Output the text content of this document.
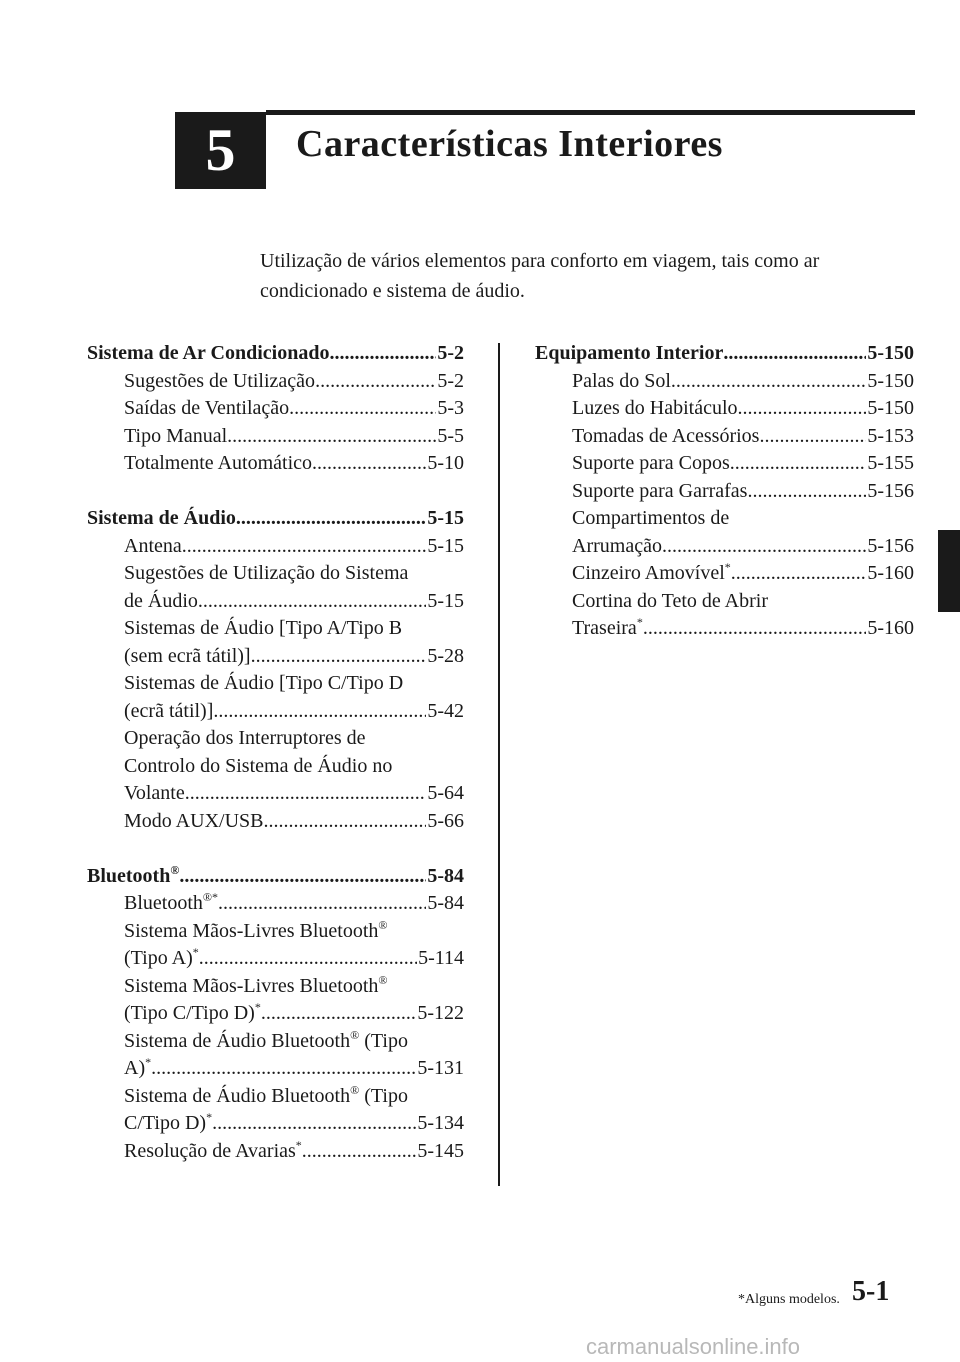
5 Características Interiores
Utilização de vários elementos para conforto em viagem, tais como ar condicionado e sistema de áudio.
Sistema de Ar Condicionado .....	5-2
Sugestões de Utilização .....	5-2
Saídas de Ventilação .....	5-3
Tipo Manual .....	5-5
Totalmente Automático .....	5-10
Sistema de Áudio .....	5-15
Antena .....	5-15
Sugestões de Utilização do Sistema
de Áudio .....	5-15
Sistemas de Áudio [Tipo A/Tipo B
(sem ecrã tátil)] .....	5-28
Sistemas de Áudio [Tipo C/Tipo D
(ecrã tátil)] .....	5-42
Operação dos Interruptores de
Controlo do Sistema de Áudio no
Volante .....	5-64
Modo AUX/USB .....	5-66
Bluetooth® .....	5-84
Bluetooth®* .....	5-84
Sistema Mãos-Livres Bluetooth®
(Tipo A)* .....	5-114
Sistema Mãos-Livres Bluetooth®
(Tipo C/Tipo D)* .....	5-122
Sistema de Áudio Bluetooth® (Tipo
A)* .....	5-131
Sistema de Áudio Bluetooth® (Tipo
C/Tipo D)* .....	5-134
Resolução de Avarias* .....	5-145
Equipamento Interior .....	5-150
Palas do Sol .....	5-150
Luzes do Habitáculo .....	5-150
Tomadas de Acessórios .....	5-153
Suporte para Copos .....	5-155
Suporte para Garrafas .....	5-156
Compartimentos de
Arrumação .....	5-156
Cinzeiro Amovível* .....	5-160
Cortina do Teto de Abrir
Traseira* .....	5-160
*Alguns modelos. 5-1
carmanualsonline.info
